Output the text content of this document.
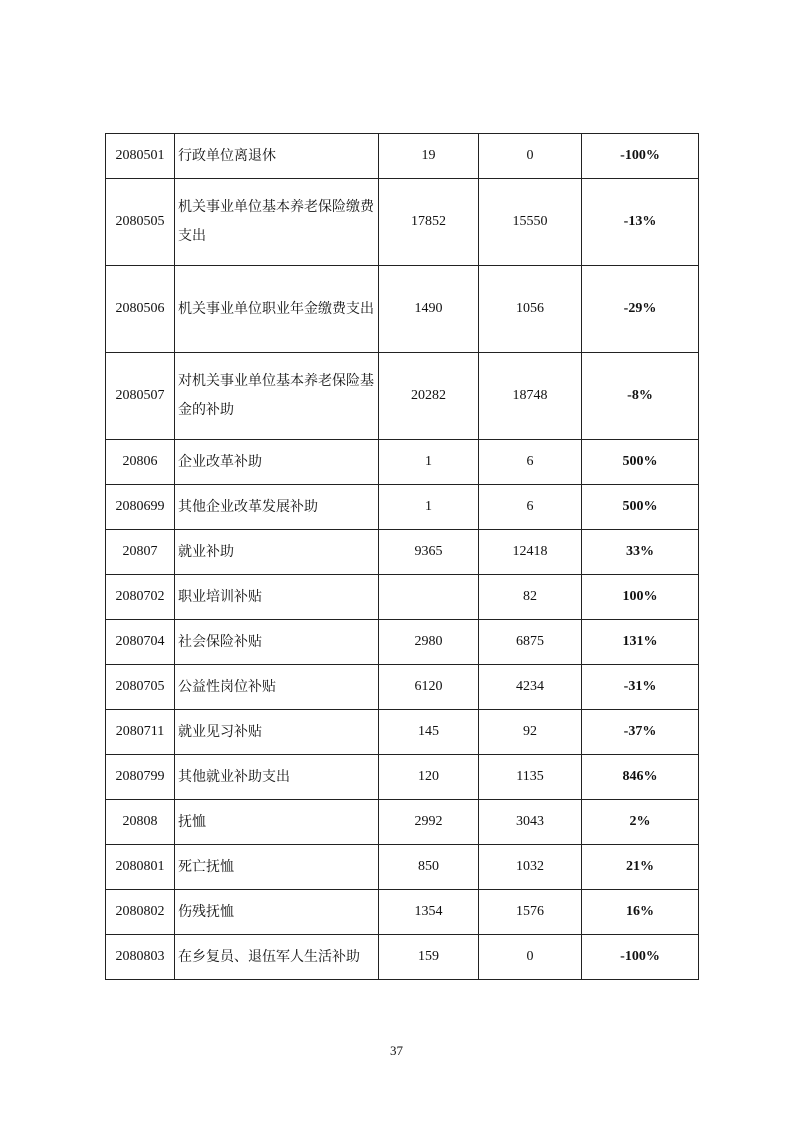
2080501	行政单位离退休	19	0	-100%
2080505	机关事业单位基本养老保险缴费支出	17852	15550	-13%
2080506	机关事业单位职业年金缴费支出	1490	1056	-29%
2080507	对机关事业单位基本养老保险基金的补助	20282	18748	-8%
20806	企业改革补助	1	6	500%
2080699	其他企业改革发展补助	1	6	500%
20807	就业补助	9365	12418	33%
2080702	职业培训补贴		82	100%
2080704	社会保险补贴	2980	6875	131%
2080705	公益性岗位补贴	6120	4234	-31%
2080711	就业见习补贴	145	92	-37%
2080799	其他就业补助支出	120	1135	846%
20808	抚恤	2992	3043	2%
2080801	死亡抚恤	850	1032	21%
2080802	伤残抚恤	1354	1576	16%
2080803	在乡复员、退伍军人生活补助	159	0	-100%
37
